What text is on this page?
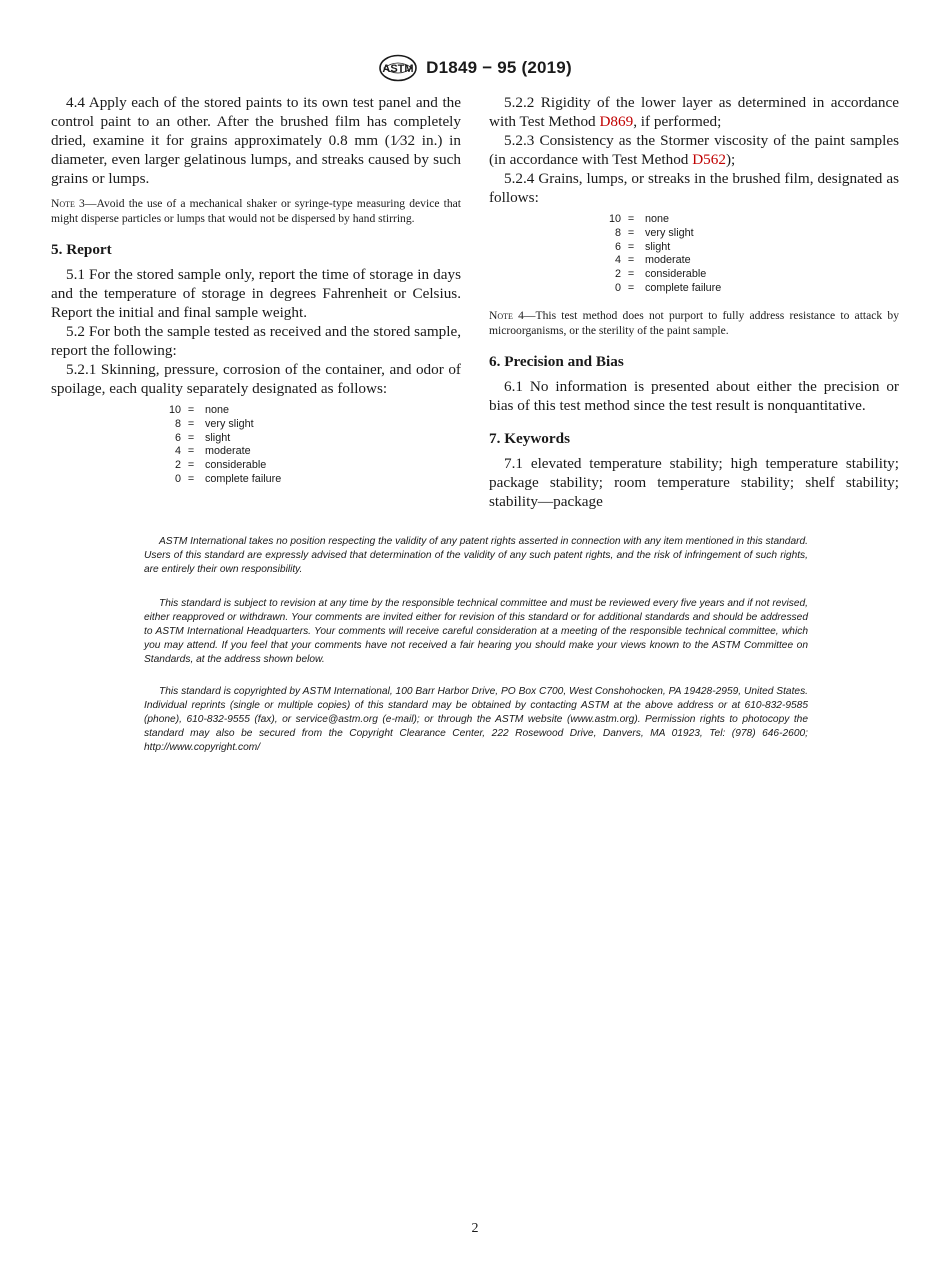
ASTM D1849 − 95 (2019)

4.4 Apply each of the stored paints to its own test panel and the control paint to an other. After the brushed film has completely dried, examine it for grains approximately 0.8 mm (1⁄32 in.) in diameter, even larger gelatinous lumps, and streaks caused by such grains or lumps.

Note 3—Avoid the use of a mechanical shaker or syringe-type measuring device that might disperse particles or lumps that would not be dispersed by hand stirring.

5. Report

5.1 For the stored sample only, report the time of storage in days and the temperature of storage in degrees Fahrenheit or Celsius. Report the initial and final sample weight.

5.2 For both the sample tested as received and the stored sample, report the following:

5.2.1 Skinning, pressure, corrosion of the container, and odor of spoilage, each quality separately designated as follows:

10 =	none
8 =	very slight
6 =	slight
4 =	moderate
2 =	considerable
0 =	complete failure

5.2.2 Rigidity of the lower layer as determined in accordance with Test Method D869, if performed;

5.2.3 Consistency as the Stormer viscosity of the paint samples (in accordance with Test Method D562);

5.2.4 Grains, lumps, or streaks in the brushed film, designated as follows:

10 =	none
8 =	very slight
6 =	slight
4 =	moderate
2 =	considerable
0 =	complete failure

Note 4—This test method does not purport to fully address resistance to attack by microorganisms, or the sterility of the paint sample.

6. Precision and Bias

6.1 No information is presented about either the precision or bias of this test method since the test result is nonquantitative.

7. Keywords

7.1 elevated temperature stability; high temperature stability; package stability; room temperature stability; shelf stability; stability—package

ASTM International takes no position respecting the validity of any patent rights asserted in connection with any item mentioned in this standard. Users of this standard are expressly advised that determination of the validity of any such patent rights, and the risk of infringement of such rights, are entirely their own responsibility.

This standard is subject to revision at any time by the responsible technical committee and must be reviewed every five years and if not revised, either reapproved or withdrawn. Your comments are invited either for revision of this standard or for additional standards and should be addressed to ASTM International Headquarters. Your comments will receive careful consideration at a meeting of the responsible technical committee, which you may attend. If you feel that your comments have not received a fair hearing you should make your views known to the ASTM Committee on Standards, at the address shown below.

This standard is copyrighted by ASTM International, 100 Barr Harbor Drive, PO Box C700, West Conshohocken, PA 19428-2959, United States. Individual reprints (single or multiple copies) of this standard may be obtained by contacting ASTM at the above address or at 610-832-9585 (phone), 610-832-9555 (fax), or service@astm.org (e-mail); or through the ASTM website (www.astm.org). Permission rights to photocopy the standard may also be secured from the Copyright Clearance Center, 222 Rosewood Drive, Danvers, MA 01923, Tel: (978) 646-2600; http://www.copyright.com/

2
